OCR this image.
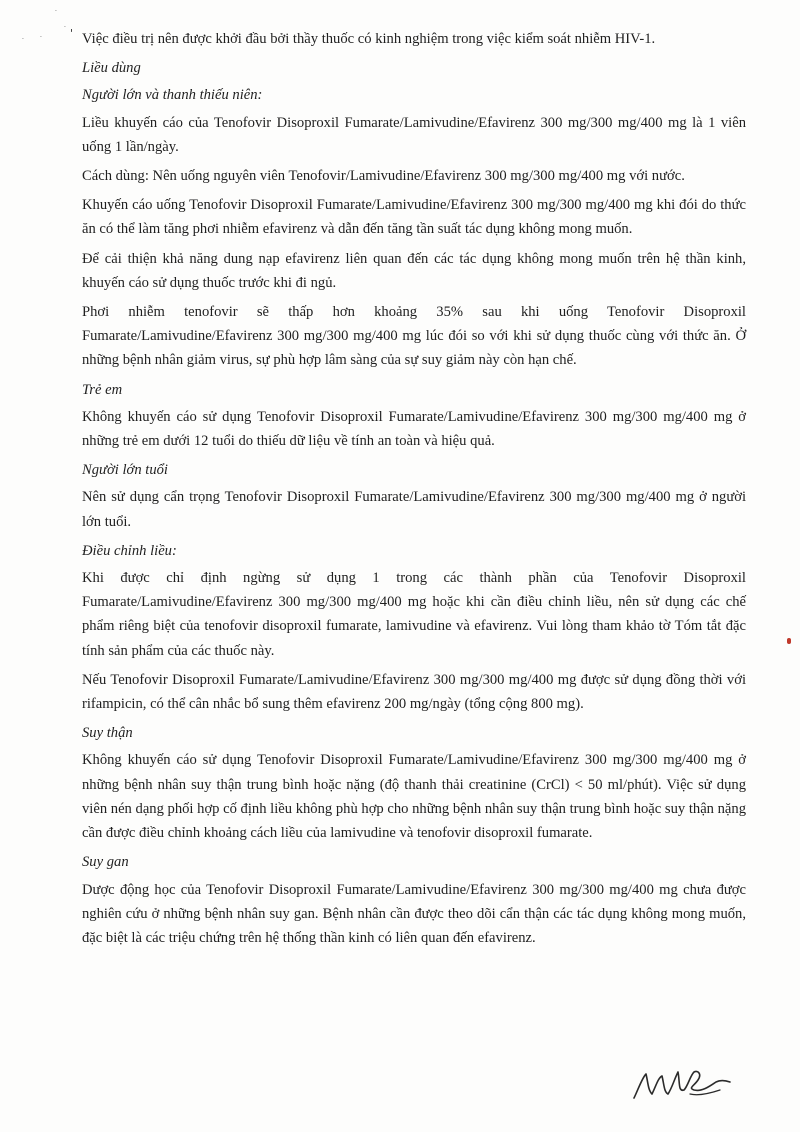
·
·	·
· ' Việc điều trị nên được khởi đầu bởi thầy thuốc có kinh nghiệm trong việc kiểm soát nhiễm HIV-1.

Liều dùng
Người lớn và thanh thiếu niên:

Liều khuyến cáo của Tenofovir Disoproxil Fumarate/Lamivudine/Efavirenz 300 mg/300 mg/400 mg là 1 viên uống 1 lần/ngày.

Cách dùng: Nên uống nguyên viên Tenofovir/Lamivudine/Efavirenz 300 mg/300 mg/400 mg với nước.

Khuyến cáo uống Tenofovir Disoproxil Fumarate/Lamivudine/Efavirenz 300 mg/300 mg/400 mg khi đói do thức ăn có thể làm tăng phơi nhiễm efavirenz và dẫn đến tăng tần suất tác dụng không mong muốn.

Để cải thiện khả năng dung nạp efavirenz liên quan đến các tác dụng không mong muốn trên hệ thần kinh, khuyến cáo sử dụng thuốc trước khi đi ngủ.

Phơi nhiễm tenofovir sẽ thấp hơn khoảng 35% sau khi uống Tenofovir Disoproxil Fumarate/Lamivudine/Efavirenz 300 mg/300 mg/400 mg lúc đói so với khi sử dụng thuốc cùng với thức ăn. Ở những bệnh nhân giảm virus, sự phù hợp lâm sàng của sự suy giảm này còn hạn chế.

Trẻ em

Không khuyến cáo sử dụng Tenofovir Disoproxil Fumarate/Lamivudine/Efavirenz 300 mg/300 mg/400 mg ở những trẻ em dưới 12 tuổi do thiếu dữ liệu về tính an toàn và hiệu quả.

Người lớn tuổi

Nên sử dụng cẩn trọng Tenofovir Disoproxil Fumarate/Lamivudine/Efavirenz 300 mg/300 mg/400 mg ở người lớn tuổi.

Điều chỉnh liều:

Khi được chỉ định ngừng sử dụng 1 trong các thành phần của Tenofovir Disoproxil Fumarate/Lamivudine/Efavirenz 300 mg/300 mg/400 mg hoặc khi cần điều chỉnh liều, nên sử dụng các chế phẩm riêng biệt của tenofovir disoproxil fumarate, lamivudine và efavirenz. Vui lòng tham khảo tờ Tóm tắt đặc tính sản phẩm của các thuốc này.

Nếu Tenofovir Disoproxil Fumarate/Lamivudine/Efavirenz 300 mg/300 mg/400 mg được sử dụng đồng thời với rifampicin, có thể cân nhắc bổ sung thêm efavirenz 200 mg/ngày (tổng cộng 800 mg).

Suy thận

Không khuyến cáo sử dụng Tenofovir Disoproxil Fumarate/Lamivudine/Efavirenz 300 mg/300 mg/400 mg ở những bệnh nhân suy thận trung bình hoặc nặng (độ thanh thải creatinine (CrCl) < 50 ml/phút). Việc sử dụng viên nén dạng phối hợp cố định liều không phù hợp cho những bệnh nhân suy thận trung bình hoặc suy thận nặng cần được điều chỉnh khoảng cách liều của lamivudine và tenofovir disoproxil fumarate.

Suy gan

Dược động học của Tenofovir Disoproxil Fumarate/Lamivudine/Efavirenz 300 mg/300 mg/400 mg chưa được nghiên cứu ở những bệnh nhân suy gan. Bệnh nhân cần được theo dõi cẩn thận các tác dụng không mong muốn, đặc biệt là các triệu chứng trên hệ thống thần kinh có liên quan đến efavirenz.
